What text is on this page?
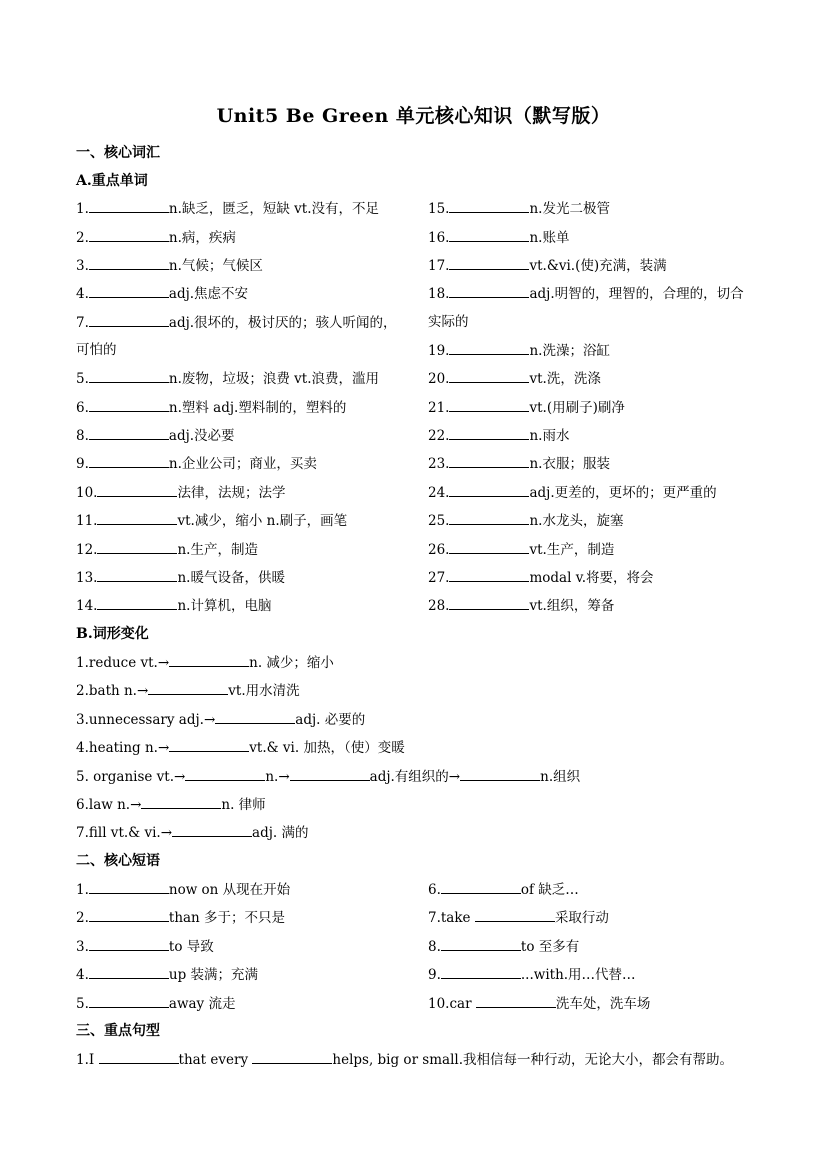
Unit5 Be Green 单元核心知识（默写版）
一、核心词汇
A.重点单词
1.	n.缺乏，匮乏，短缺 vt.没有，不足
2.	n.病，疾病
3.	n.气候；气候区
4.	adj.焦虑不安
7.	adj.很坏的，极讨厌的；骇人听闻的，
可怕的
5.	n.废物，垃圾；浪费 vt.浪费，滥用
6.	n.塑料 adj.塑料制的，塑料的
8.	adj.没必要
9.	n.企业公司；商业，买卖
10.	法律，法规；法学
11.	vt.减少，缩小 n.刷子，画笔
12.	n.生产，制造
13.	n.暖气设备，供暖
14.	n.计算机，电脑
15.	n.发光二极管
16.	n.账单
17.	vt.&vi.(使)充满，装满
18.	adj.明智的，理智的，合理的，切合
实际的
19.	n.洗澡；浴缸
20.	vt.洗，洗涤
21.	vt.(用刷子)刷净
22.	n.雨水
23.	n.衣服；服装
24.	adj.更差的，更坏的；更严重的
25.	n.水龙头，旋塞
26.	vt.生产，制造
27.	modal v.将要，将会
28.	vt.组织，筹备
B.词形变化
1.reduce vt.→	n. 减少；缩小
2.bath n.→	vt.用水清洗
3.unnecessary adj.→	adj. 必要的
4.heating n.→	vt.& vi. 加热，（使）变暖
5. organise vt.→	n.→	adj.有组织的→	n.组织
6.law n.→	n. 律师
7.fill vt.& vi.→	adj. 满的
二、核心短语
1.	now on 从现在开始
2.	than 多于；不只是
3.	to 导致
4.	up 装满；充满
5.	away 流走
6.	of 缺乏…
7.take	采取行动
8.	to 至多有
9.	...with.用…代替…
10.car	洗车处，洗车场
三、重点句型
1.I	that every	helps, big or small.我相信每一种行动，无论大小，都会有帮助。
